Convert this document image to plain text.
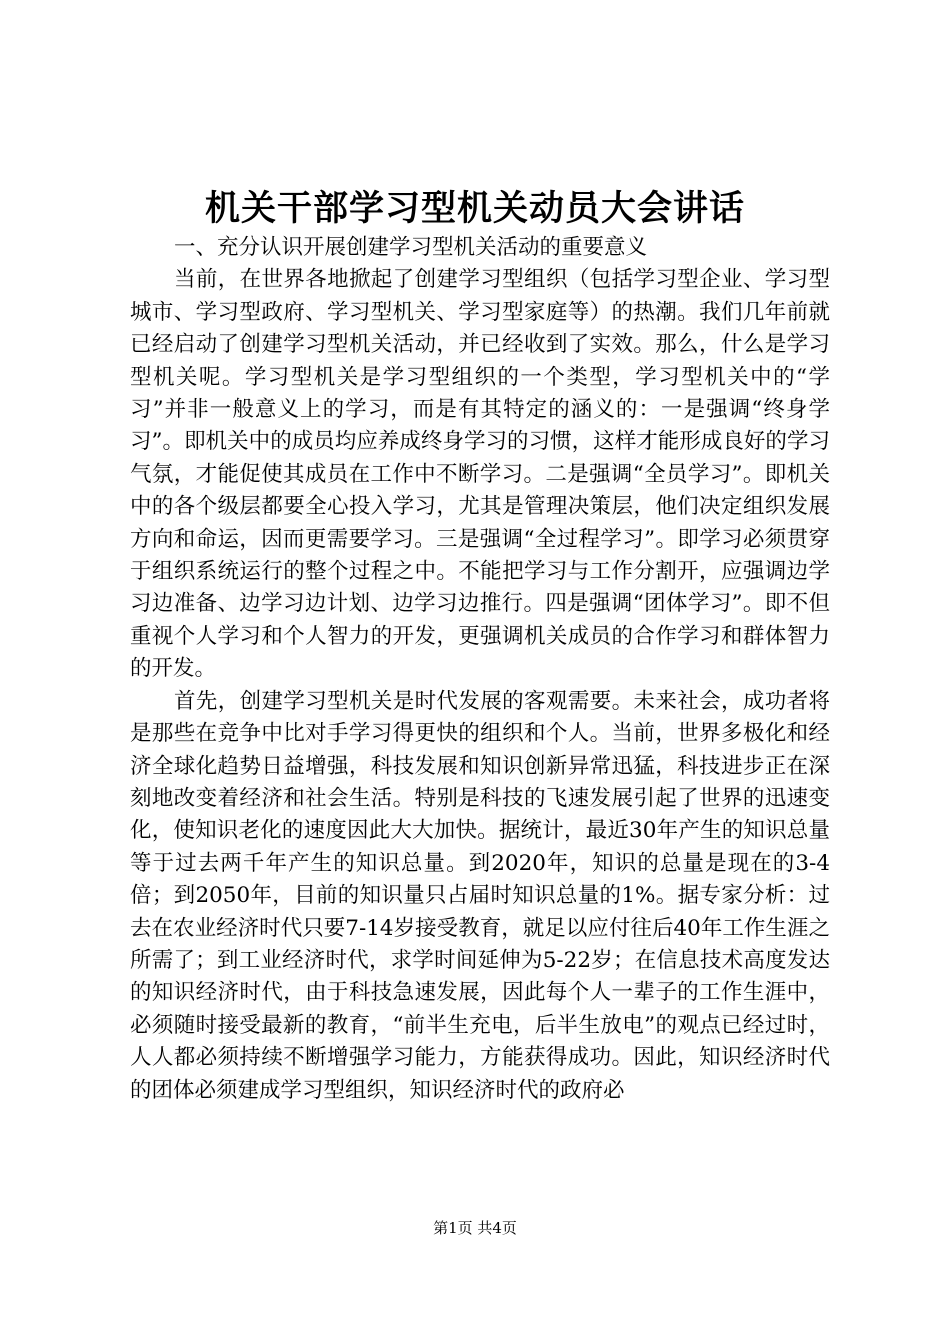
机关干部学习型机关动员大会讲话

一、充分认识开展创建学习型机关活动的重要意义

当前，在世界各地掀起了创建学习型组织（包括学习型企业、学习型城市、学习型政府、学习型机关、学习型家庭等）的热潮。我们几年前就已经启动了创建学习型机关活动，并已经收到了实效。那么，什么是学习型机关呢。学习型机关是学习型组织的一个类型，学习型机关中的“学习”并非一般意义上的学习，而是有其特定的涵义的：一是强调“终身学习”。即机关中的成员均应养成终身学习的习惯，这样才能形成良好的学习气氛，才能促使其成员在工作中不断学习。二是强调“全员学习”。即机关中的各个级层都要全心投入学习，尤其是管理决策层，他们决定组织发展方向和命运，因而更需要学习。三是强调“全过程学习”。即学习必须贯穿于组织系统运行的整个过程之中。不能把学习与工作分割开，应强调边学习边准备、边学习边计划、边学习边推行。四是强调“团体学习”。即不但重视个人学习和个人智力的开发，更强调机关成员的合作学习和群体智力的开发。

首先，创建学习型机关是时代发展的客观需要。未来社会，成功者将是那些在竞争中比对手学习得更快的组织和个人。当前，世界多极化和经济全球化趋势日益增强，科技发展和知识创新异常迅猛，科技进步正在深刻地改变着经济和社会生活。特别是科技的飞速发展引起了世界的迅速变化，使知识老化的速度因此大大加快。据统计，最近30年产生的知识总量等于过去两千年产生的知识总量。到2020年，知识的总量是现在的3-4倍；到2050年，目前的知识量只占届时知识总量的1%。据专家分析：过去在农业经济时代只要7-14岁接受教育，就足以应付往后40年工作生涯之所需了；到工业经济时代，求学时间延伸为5-22岁；在信息技术高度发达的知识经济时代，由于科技急速发展，因此每个人一辈子的工作生涯中，必须随时接受最新的教育，“前半生充电，后半生放电”的观点已经过时，人人都必须持续不断增强学习能力，方能获得成功。因此，知识经济时代的团体必须建成学习型组织，知识经济时代的政府必

第1页 共4页
